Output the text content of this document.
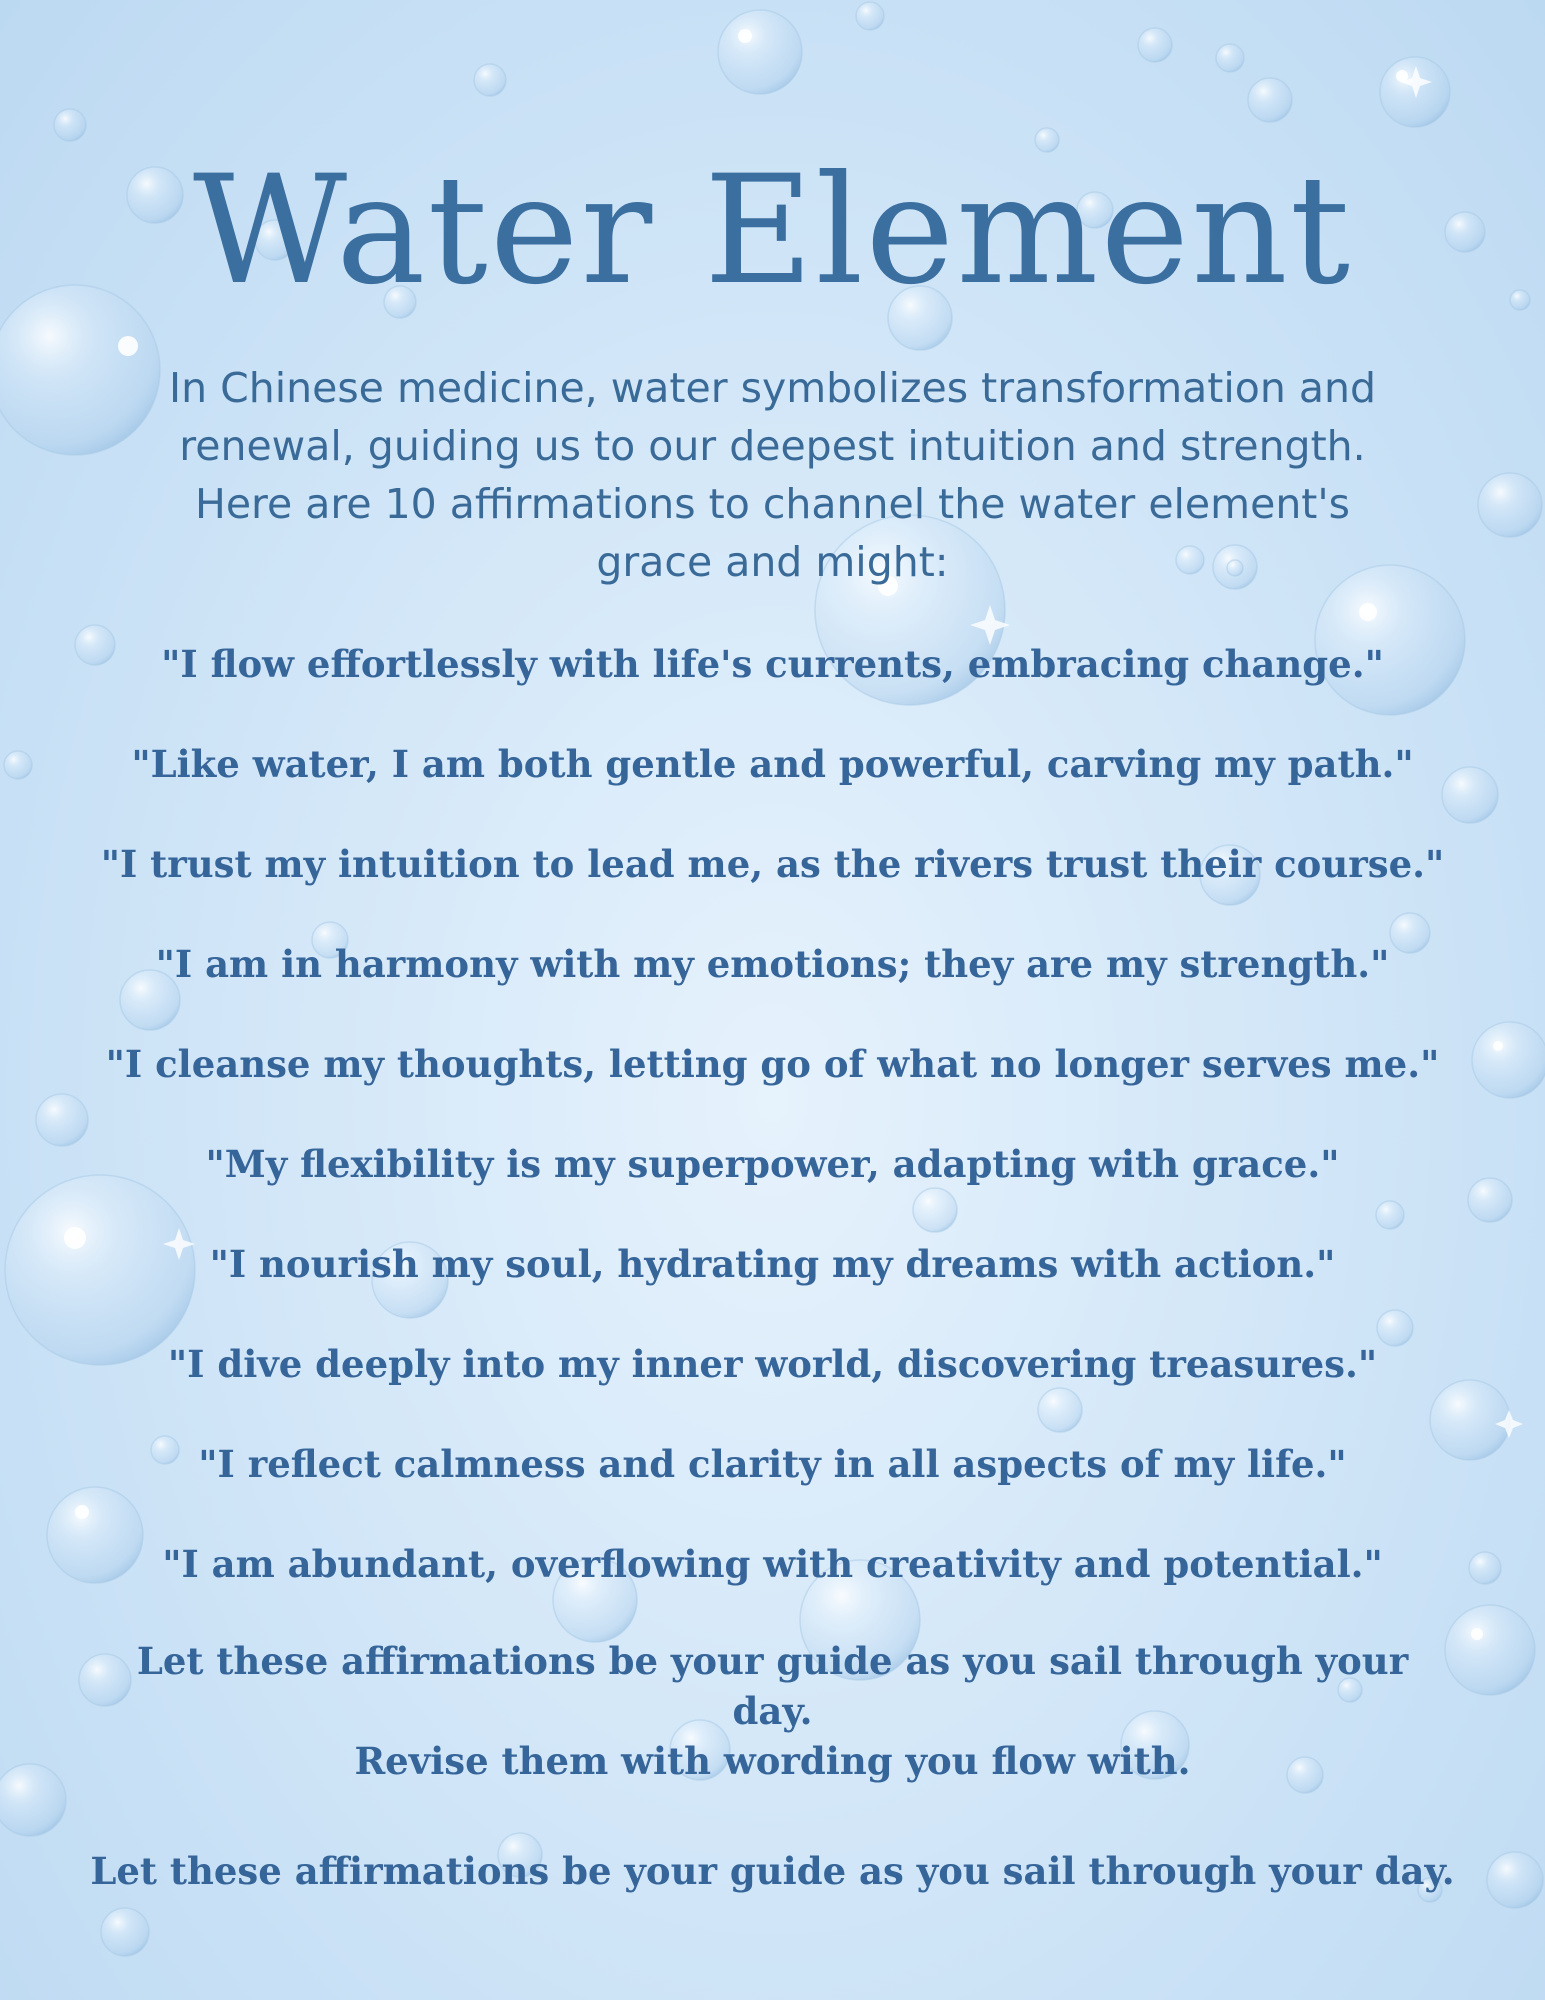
Water Element

In Chinese medicine, water symbolizes transformation and renewal, guiding us to our deepest intuition and strength. Here are 10 affirmations to channel the water element's grace and might:

"I flow effortlessly with life's currents, embracing change."
"Like water, I am both gentle and powerful, carving my path."
"I trust my intuition to lead me, as the rivers trust their course."
"I am in harmony with my emotions; they are my strength."
"I cleanse my thoughts, letting go of what no longer serves me."
"My flexibility is my superpower, adapting with grace."
"I nourish my soul, hydrating my dreams with action."
"I dive deeply into my inner world, discovering treasures."
"I reflect calmness and clarity in all aspects of my life."
"I am abundant, overflowing with creativity and potential."
Let these affirmations be your guide as you sail through your day.
Revise them with wording you flow with.
Let these affirmations be your guide as you sail through your day.
